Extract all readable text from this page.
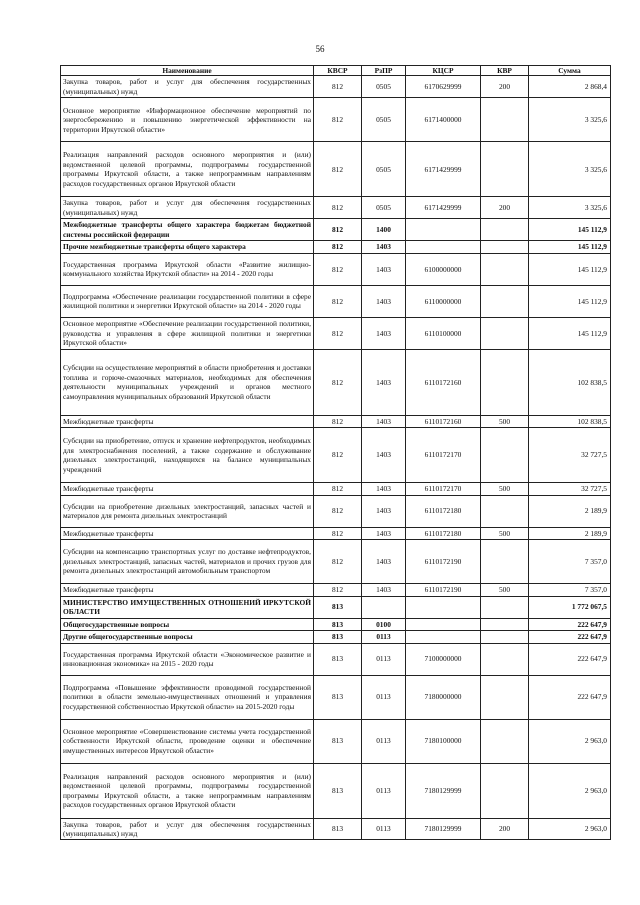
56
Наименование	КВСР	РзПР	КЦСР	КВР	Сумма
Закупка товаров, работ и услуг для обеспечения государственных (муниципальных) нужд	812	0505	6170629999	200	2 868,4
Основное мероприятие «Информационное обеспечение мероприятий по энергосбережению и повышению энергетической эффективности на территории Иркутской области»	812	0505	6171400000		3 325,6
Реализация направлений расходов основного мероприятия и (или) ведомственной целевой программы, подпрограммы государственной программы Иркутской области, а также непрограммным направлениям расходов государственных органов Иркутской области	812	0505	6171429999		3 325,6
Закупка товаров, работ и услуг для обеспечения государственных (муниципальных) нужд	812	0505	6171429999	200	3 325,6
Межбюджетные трансферты общего характера бюджетам бюджетной системы российской федерации	812	1400			145 112,9
Прочие межбюджетные трансферты общего характера	812	1403			145 112,9
Государственная программа Иркутской области «Развитие жилищно-коммунального хозяйства Иркутской области» на 2014 - 2020 годы	812	1403	6100000000		145 112,9
Подпрограмма «Обеспечение реализации государственной политики в сфере жилищной политики и энергетики Иркутской области» на 2014 - 2020 годы	812	1403	6110000000		145 112,9
Основное мероприятие «Обеспечение реализации государственной политики, руководства и управления в сфере жилищной политики и энергетики Иркутской области»	812	1403	6110100000		145 112,9
Субсидии на осуществление мероприятий в области приобретения и доставки топлива и горюче-смазочных материалов, необходимых для обеспечения деятельности муниципальных учреждений и органов местного самоуправления муниципальных образований Иркутской области	812	1403	6110172160		102 838,5
Межбюджетные трансферты	812	1403	6110172160	500	102 838,5
Субсидии на приобретение, отпуск и хранение нефтепродуктов, необходимых для электроснабжения поселений, а также содержание и обслуживание дизельных электростанций, находящихся на балансе муниципальных учреждений	812	1403	6110172170		32 727,5
Межбюджетные трансферты	812	1403	6110172170	500	32 727,5
Субсидии на приобретение дизельных электростанций, запасных частей и материалов для ремонта дизельных электростанций	812	1403	6110172180		2 189,9
Межбюджетные трансферты	812	1403	6110172180	500	2 189,9
Субсидии на компенсацию транспортных услуг по доставке нефтепродуктов, дизельных электростанций, запасных частей, материалов и прочих грузов для ремонта дизельных электростанций автомобильным транспортом	812	1403	6110172190		7 357,0
Межбюджетные трансферты	812	1403	6110172190	500	7 357,0
МИНИСТЕРСТВО ИМУЩЕСТВЕННЫХ ОТНОШЕНИЙ ИРКУТСКОЙ ОБЛАСТИ	813				1 772 067,5
Общегосударственные вопросы	813	0100			222 647,9
Другие общегосударственные вопросы	813	0113			222 647,9
Государственная программа Иркутской области «Экономическое развитие и инновационная экономика» на 2015 - 2020 годы	813	0113	7100000000		222 647,9
Подпрограмма «Повышение эффективности проводимой государственной политики в области земельно-имущественных отношений и управления государственной собственностью Иркутской области» на 2015-2020 годы	813	0113	7180000000		222 647,9
Основное мероприятие «Совершенствование системы учета государственной собственности Иркутской области, проведение оценки и обеспечение имущественных интересов Иркутской области»	813	0113	7180100000		2 963,0
Реализация направлений расходов основного мероприятия и (или) ведомственной целевой программы, подпрограммы государственной программы Иркутской области, а также непрограммным направлениям расходов государственных органов Иркутской области	813	0113	7180129999		2 963,0
Закупка товаров, работ и услуг для обеспечения государственных (муниципальных) нужд	813	0113	7180129999	200	2 963,0
